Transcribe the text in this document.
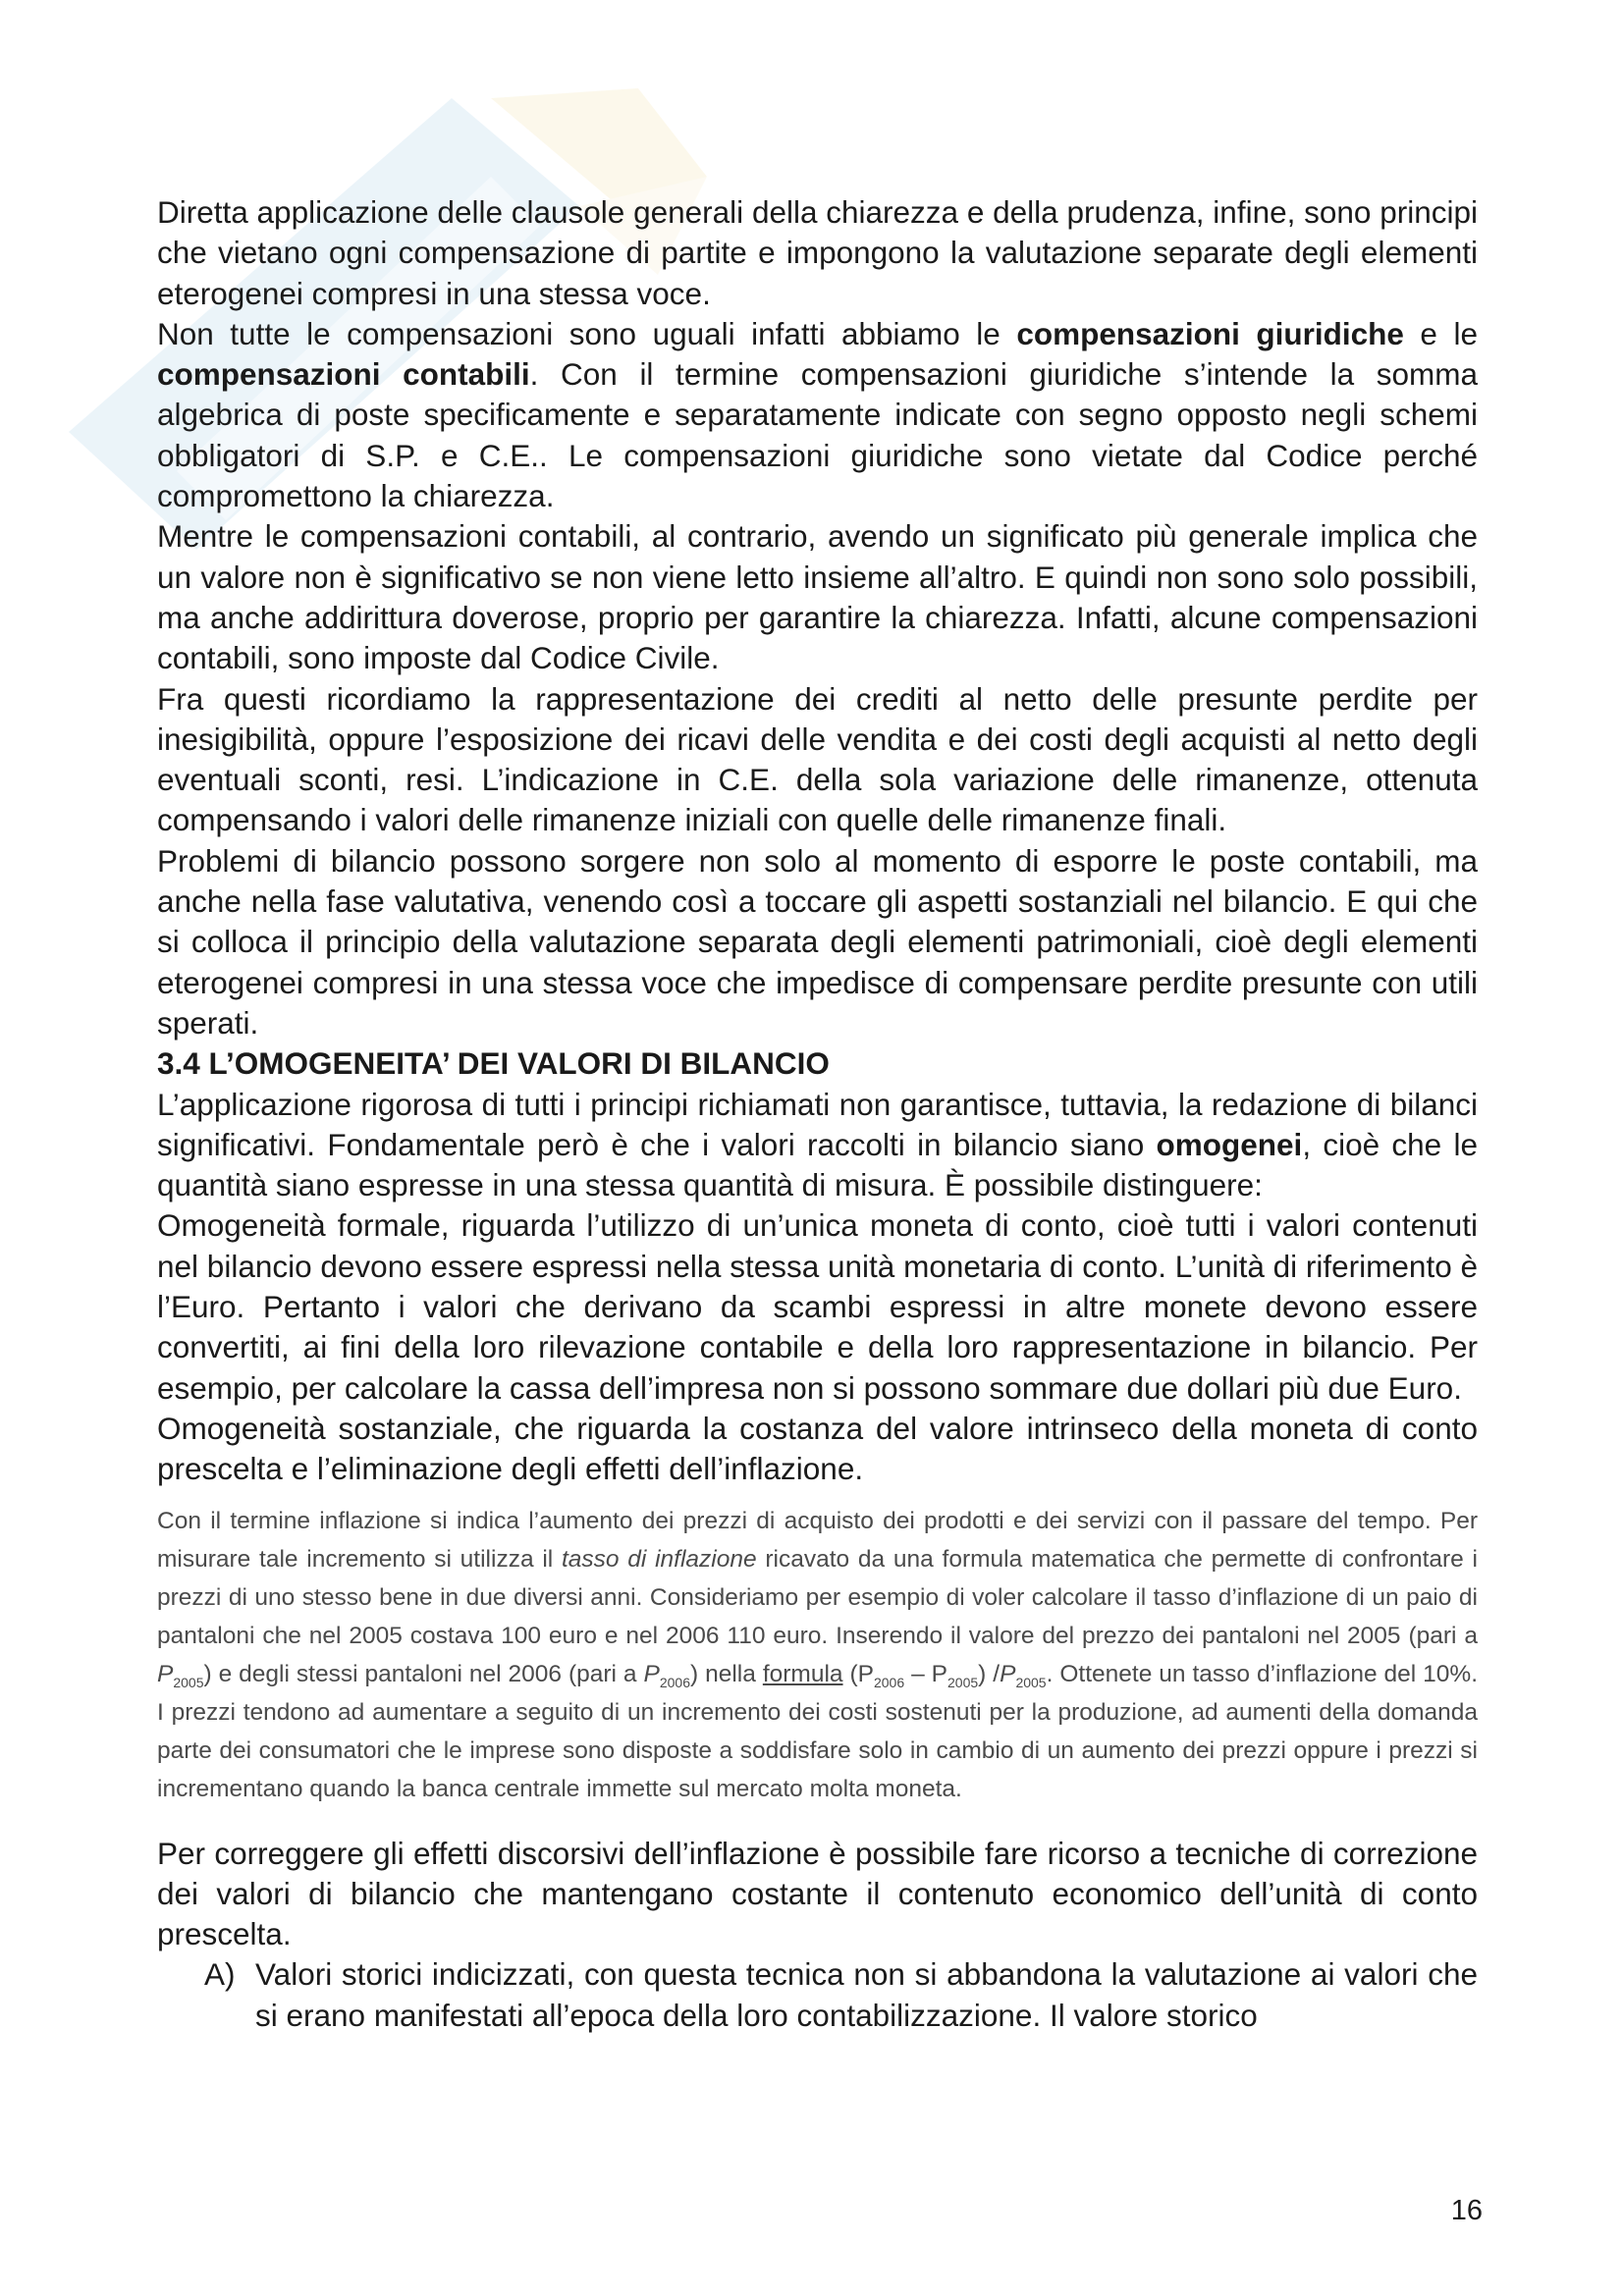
Diretta applicazione delle clausole generali della chiarezza e della prudenza, infine, sono principi che vietano ogni compensazione di partite e impongono la valutazione separate degli elementi eterogenei compresi in una stessa voce.

Non tutte le compensazioni sono uguali infatti abbiamo le compensazioni giuridiche e le compensazioni contabili. Con il termine compensazioni giuridiche s’intende la somma algebrica di poste specificamente e separatamente indicate con segno opposto negli schemi obbligatori di S.P. e C.E.. Le compensazioni giuridiche sono vietate dal Codice perché compromettono la chiarezza.

Mentre le compensazioni contabili, al contrario, avendo un significato più generale implica che un valore non è significativo se non viene letto insieme all’altro. E quindi non sono solo possibili, ma anche addirittura doverose, proprio per garantire la chiarezza. Infatti, alcune compensazioni contabili, sono imposte dal Codice Civile.

Fra questi ricordiamo la rappresentazione dei crediti al netto delle presunte perdite per inesigibilità, oppure l’esposizione dei ricavi delle vendita e dei costi degli acquisti al netto degli eventuali sconti, resi. L’indicazione in C.E. della sola variazione delle rimanenze, ottenuta compensando i valori delle rimanenze iniziali con quelle delle rimanenze finali.

Problemi di bilancio possono sorgere non solo al momento di esporre le poste contabili, ma anche nella fase valutativa, venendo così a toccare gli aspetti sostanziali nel bilancio. E qui che si colloca il principio della valutazione separata degli elementi patrimoniali, cioè degli elementi eterogenei compresi in una stessa voce che impedisce di compensare perdite presunte con utili sperati.

3.4 L’OMOGENEITA’ DEI VALORI DI BILANCIO

L’applicazione rigorosa di tutti i principi richiamati non garantisce, tuttavia, la redazione di bilanci significativi. Fondamentale però è che i valori raccolti in bilancio siano omogenei, cioè che le quantità siano espresse in una stessa quantità di misura. È possibile distinguere:

Omogeneità formale, riguarda l’utilizzo di un’unica moneta di conto, cioè tutti i valori contenuti nel bilancio devono essere espressi nella stessa unità monetaria di conto. L’unità di riferimento è l’Euro. Pertanto i valori che derivano da scambi espressi in altre monete devono essere convertiti, ai fini della loro rilevazione contabile e della loro rappresentazione in bilancio. Per esempio, per calcolare la cassa dell’impresa non si possono sommare due dollari più due Euro.

Omogeneità sostanziale, che riguarda la costanza del valore intrinseco della moneta di conto prescelta e l’eliminazione degli effetti dell’inflazione.

Con il termine inflazione si indica l’aumento dei prezzi di acquisto dei prodotti e dei servizi con il passare del tempo. Per misurare tale incremento si utilizza il tasso di inflazione ricavato da una formula matematica che permette di confrontare i prezzi di uno stesso bene in due diversi anni. Consideriamo per esempio di voler calcolare il tasso d’inflazione di un paio di pantaloni che nel 2005 costava 100 euro e nel 2006 110 euro. Inserendo il valore del prezzo dei pantaloni nel 2005 (pari a $P_{2005}$) e degli stessi pantaloni nel 2006 (pari a $P_{2006}$) nella formula $(P_{2006} - P_{2005})$ $/P_{2005}$. Ottenete un tasso d’inflazione del 10%. I prezzi tendono ad aumentare a seguito di un incremento dei costi sostenuti per la produzione, ad aumenti della domanda parte dei consumatori che le imprese sono disposte a soddisfare solo in cambio di un aumento dei prezzi oppure i prezzi si incrementano quando la banca centrale immette sul mercato molta moneta.

Per correggere gli effetti discorsivi dell’inflazione è possibile fare ricorso a tecniche di correzione dei valori di bilancio che mantengano costante il contenuto economico dell’unità di conto prescelta.

A) Valori storici indicizzati, con questa tecnica non si abbandona la valutazione ai valori che si erano manifestati all’epoca della loro contabilizzazione. Il valore storico

16
